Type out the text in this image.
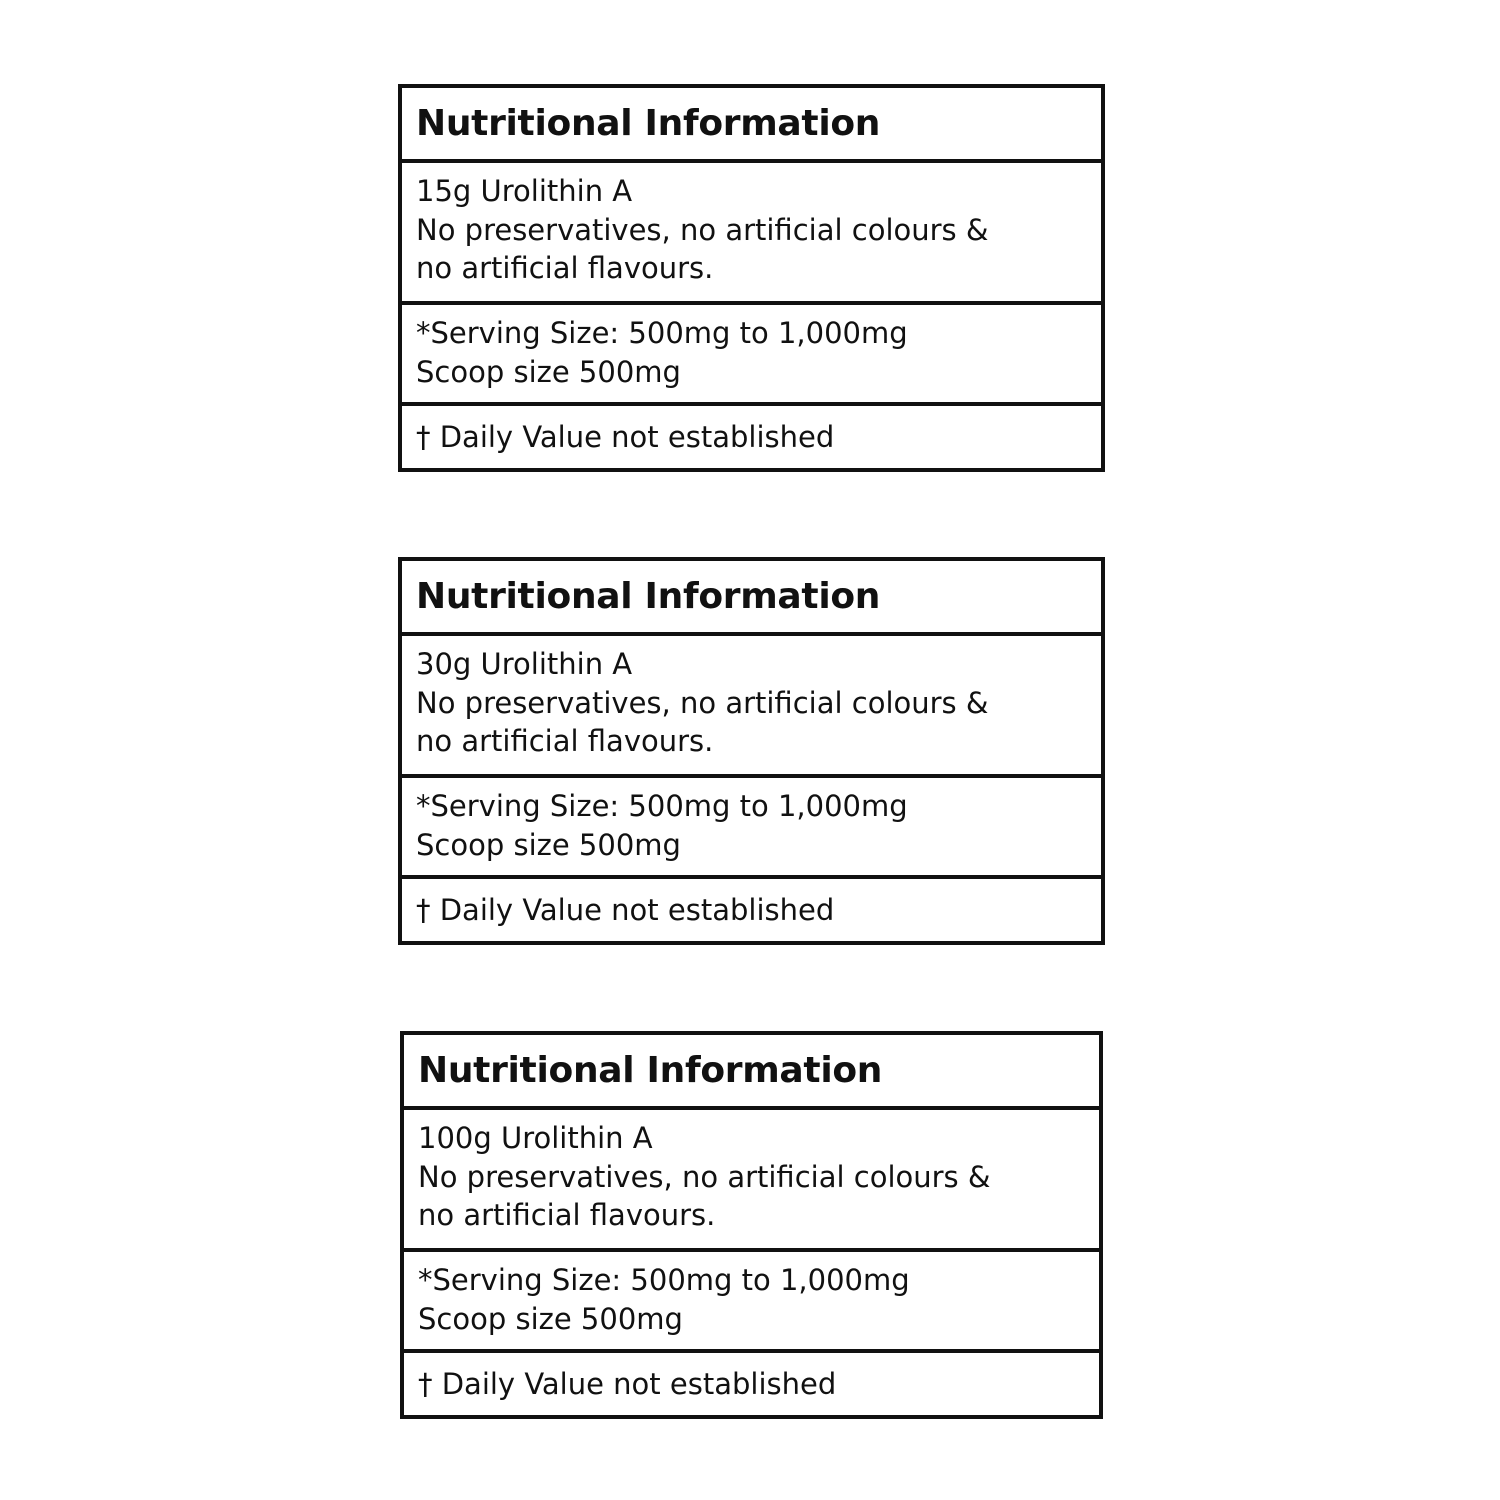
Nutritional Information
15g Urolithin A
No preservatives, no artificial colours &
no artificial flavours.
*Serving Size: 500mg to 1,000mg
Scoop size 500mg
† Daily Value not established
Nutritional Information
30g Urolithin A
No preservatives, no artificial colours &
no artificial flavours.
*Serving Size: 500mg to 1,000mg
Scoop size 500mg
† Daily Value not established
Nutritional Information
100g Urolithin A
No preservatives, no artificial colours &
no artificial flavours.
*Serving Size: 500mg to 1,000mg
Scoop size 500mg
† Daily Value not established
